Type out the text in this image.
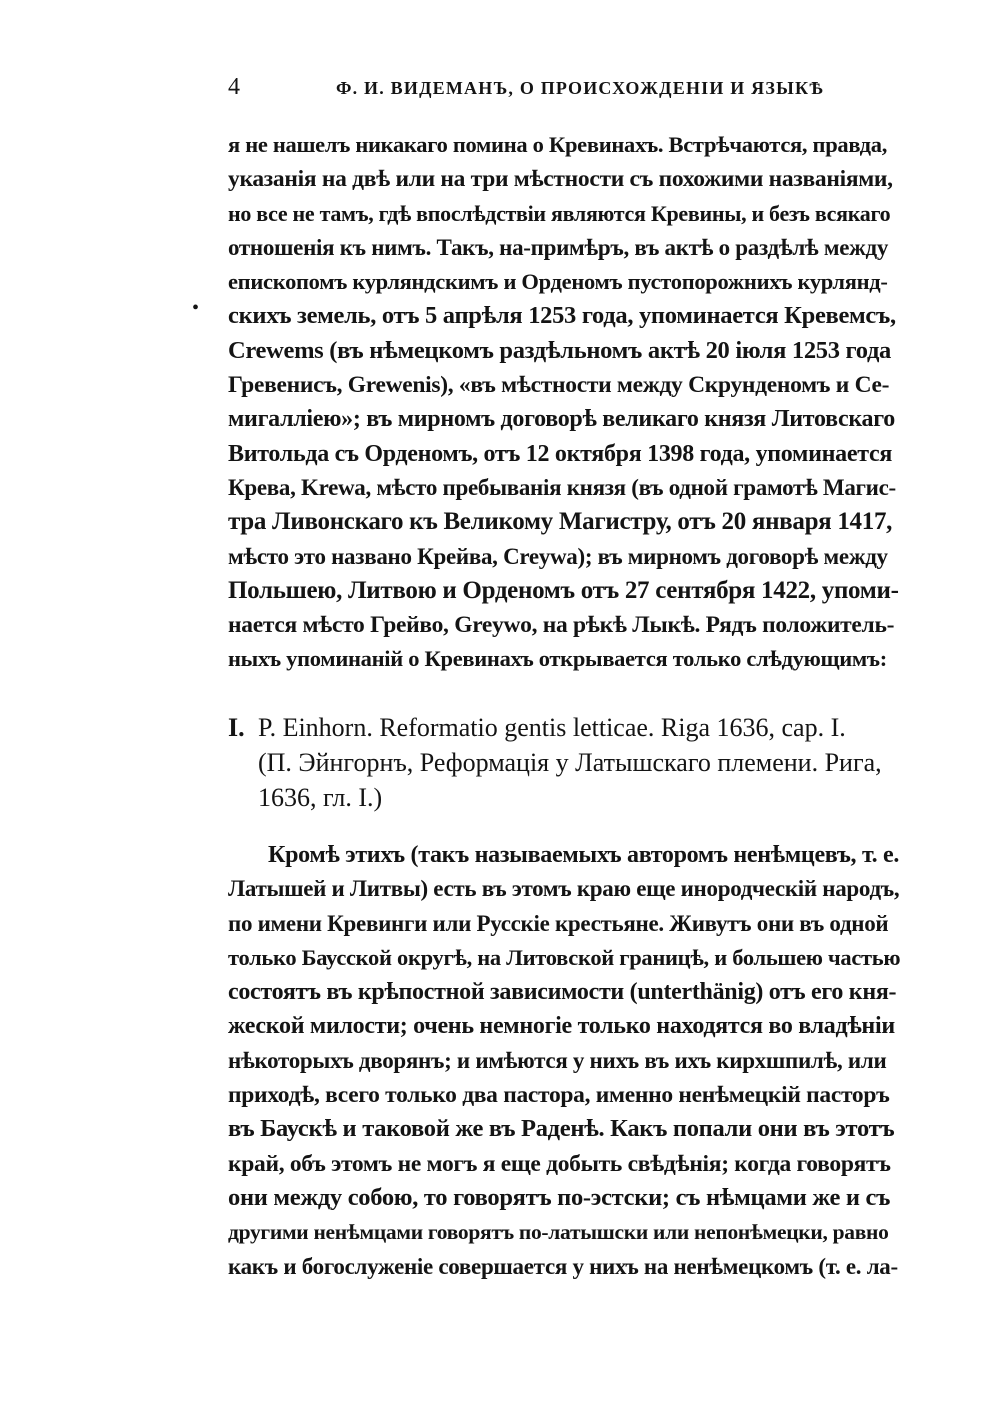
4	Ф. И. ВИДЕМАНЪ, О ПРОИСХОЖДЕНІИ И ЯЗЫКѢ
•
я не нашелъ никакаго помина о Кревинахъ. Встрѣчаются, правда,
указанія на двѣ или на три мѣстности съ похожими названіями,
но все не тамъ, гдѣ впослѣдствіи являются Кревины, и безъ всякаго
отношенія къ нимъ. Такъ, на-примѣръ, въ актѣ о раздѣлѣ между
епископомъ курляндскимъ и Орденомъ пустопорожнихъ курлянд-
скихъ земель, отъ 5 апрѣля 1253 года, упоминается Кревемсъ,
Crewems (въ нѣмецкомъ раздѣльномъ актѣ 20 іюля 1253 года
Гревенисъ, Grewenis), «въ мѣстности между Скрунденомъ и Се-
мигалліею»; въ мирномъ договорѣ великаго князя Литовскаго
Витольда съ Орденомъ, отъ 12 октября 1398 года, упоминается
Крева, Krewa, мѣсто пребыванія князя (въ одной грамотѣ Магис-
тра Ливонскаго къ Великому Магистру, отъ 20 января 1417,
мѣсто это названо Крейва, Creywa); въ мирномъ договорѣ между
Польшею, Литвою и Орденомъ отъ 27 сентября 1422, упоми-
нается мѣсто Грейво, Greywo, на рѣкѣ Лыкѣ. Рядъ положитель-
ныхъ упоминаній о Кревинахъ открывается только слѣдующимъ:
I. P. Einhorn. Reformatio gentis letticae. Riga 1636, cap. I.
(П. Эйнгорнъ, Реформація у Латышскаго племени. Рига,
1636, гл. I.)
Кромѣ этихъ (такъ называемыхъ авторомъ ненѣмцевъ, т. е.
Латышей и Литвы) есть въ этомъ краю еще инородческій народъ,
по имени Кревинги или Русскіе крестьяне. Живутъ они въ одной
только Баусской округѣ, на Литовской границѣ, и большею частью
состоятъ въ крѣпостной зависимости (unterthänig) отъ его кня-
жеской милости; очень немногіе только находятся во владѣніи
нѣкоторыхъ дворянъ; и имѣются у нихъ въ ихъ кирхшпилѣ, или
приходѣ, всего только два пастора, именно ненѣмецкій пасторъ
въ Баускѣ и таковой же въ Раденѣ. Какъ попали они въ этотъ
край, объ этомъ не могъ я еще добыть свѣдѣнія; когда говорятъ
они между собою, то говорятъ по-эстски; съ нѣмцами же и съ
другими ненѣмцами говорятъ по-латышски или непонѣмецки, равно
какъ и богослуженіе совершается у нихъ на ненѣмецкомъ (т. е. ла-
